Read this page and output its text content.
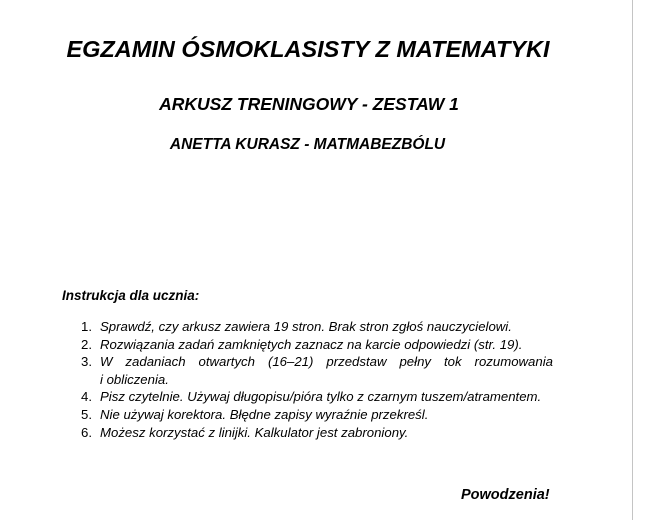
EGZAMIN ÓSMOKLASISTY Z MATEMATYKI
ARKUSZ TRENINGOWY - ZESTAW 1
ANETTA KURASZ - MATMABEZBÓLU
Instrukcja dla ucznia:
1. Sprawdź, czy arkusz zawiera 19 stron. Brak stron zgłoś nauczycielowi.
2. Rozwiązania zadań zamkniętych zaznacz na karcie odpowiedzi (str. 19).
3. W zadaniach otwartych (16–21) przedstaw pełny tok rozumowania
i obliczenia.
4. Pisz czytelnie. Używaj długopisu/pióra tylko z czarnym tuszem/atramentem.
5. Nie używaj korektora. Błędne zapisy wyraźnie przekreśl.
6. Możesz korzystać z linijki. Kalkulator jest zabroniony.
Powodzenia!
